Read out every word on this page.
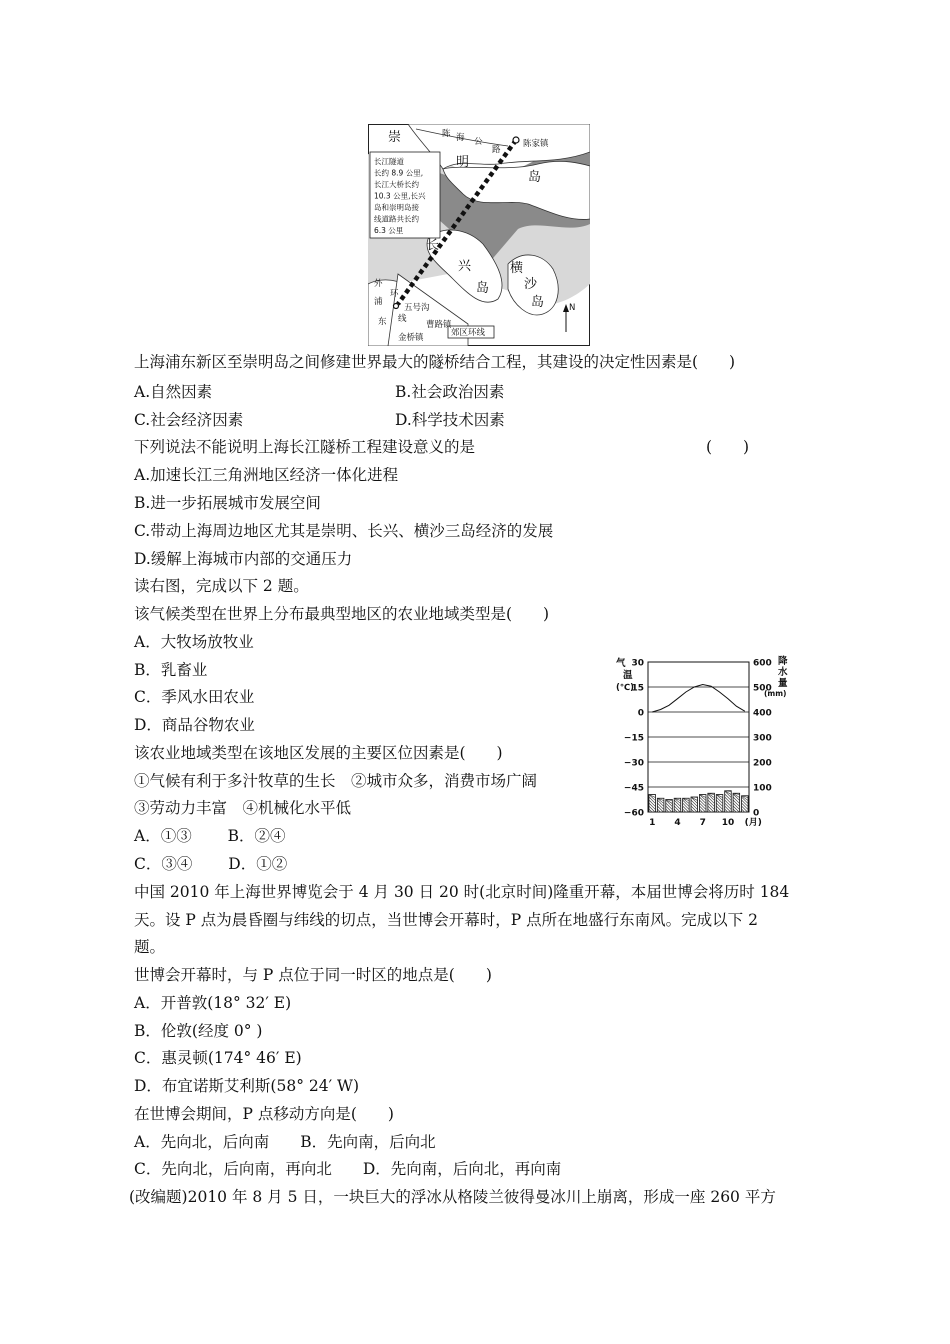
崇
明
岛
长
兴
岛
横
沙
岛
陈 海 公
路
陈家镇
外
浦
东
环
线
五号沟
曹路镇
金桥镇	郊区环线
N
长江隧道
长约 8.9 公里,
长江大桥长约
10.3 公里,长兴
岛和崇明岛接
线道路共长约
6.3 公里
30
15
0
−15
−30
−45
−60
600
500
400
300
200
100
0
1 4 7 10 (月)
气
温
(℃)
降
水
量
(mm)
上海浦东新区至崇明岛之间修建世界最大的隧桥结合工程，其建设的决定性因素是(　　)
A.自然因素	B.社会政治因素
C.社会经济因素	D.科学技术因素
下列说法不能说明上海长江隧桥工程建设意义的是	(　　)
A.加速长江三角洲地区经济一体化进程
B.进一步拓展城市发展空间
C.带动上海周边地区尤其是崇明、长兴、横沙三岛经济的发展
D.缓解上海城市内部的交通压力
读右图，完成以下 2 题。
该气候类型在世界上分布最典型地区的农业地域类型是(　　)
A．大牧场放牧业
B．乳畜业
C．季风水田农业
D．商品谷物农业
该农业地域类型在该地区发展的主要区位因素是(　　)
①气候有利于多汁牧草的生长　②城市众多，消费市场广阔
③劳动力丰富　④机械化水平低
A．①③　　 B．②④
C．③④　　 D．①②
中国 2010 年上海世界博览会于 4 月 30 日 20 时(北京时间)隆重开幕，本届世博会将历时 184
天。设 P 点为晨昏圈与纬线的切点，当世博会开幕时，P 点所在地盛行东南风。完成以下 2
题。
世博会开幕时，与 P 点位于同一时区的地点是(　　)
A．开普敦(18° 32′ E)
B．伦敦(经度 0° )
C．惠灵顿(174° 46′ E)
D．布宜诺斯艾利斯(58° 24′ W)
在世博会期间，P 点移动方向是(　　)
A．先向北，后向南　　B．先向南，后向北
C．先向北，后向南，再向北　　D．先向南，后向北，再向南
(改编题)2010 年 8 月 5 日，一块巨大的浮冰从格陵兰彼得曼冰川上崩离，形成一座 260 平方
